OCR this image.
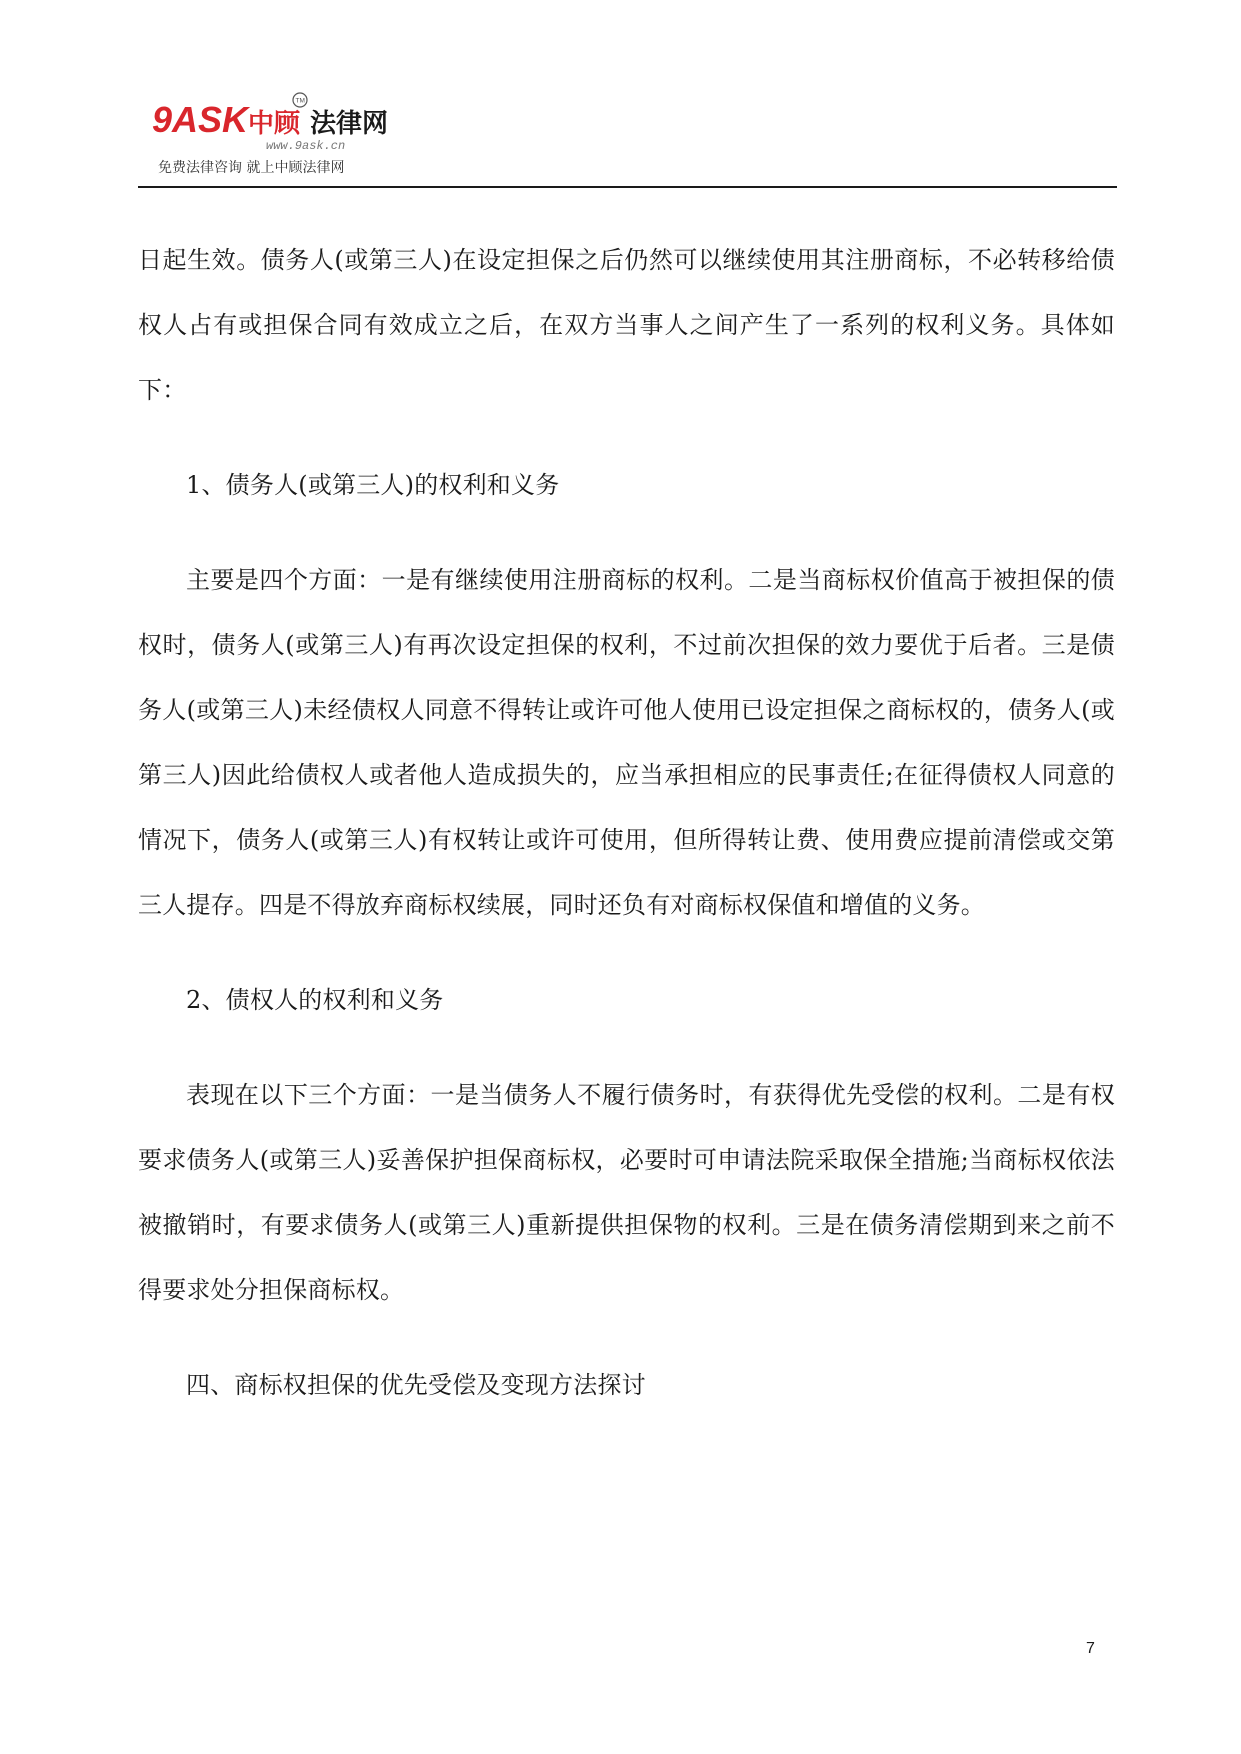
9ASK 中顾 法律网
TM
www.9ask.cn
免费法律咨询 就上中顾法律网

日起生效。债务人(或第三人)在设定担保之后仍然可以继续使用其注册商标，不必转移给债权人占有或担保合同有效成立之后，在双方当事人之间产生了一系列的权利义务。具体如下：

1、债务人(或第三人)的权利和义务

主要是四个方面：一是有继续使用注册商标的权利。二是当商标权价值高于被担保的债权时，债务人(或第三人)有再次设定担保的权利，不过前次担保的效力要优于后者。三是债务人(或第三人)未经债权人同意不得转让或许可他人使用已设定担保之商标权的，债务人(或第三人)因此给债权人或者他人造成损失的，应当承担相应的民事责任;在征得债权人同意的情况下，债务人(或第三人)有权转让或许可使用，但所得转让费、使用费应提前清偿或交第三人提存。四是不得放弃商标权续展，同时还负有对商标权保值和增值的义务。

2、债权人的权利和义务

表现在以下三个方面：一是当债务人不履行债务时，有获得优先受偿的权利。二是有权要求债务人(或第三人)妥善保护担保商标权，必要时可申请法院采取保全措施;当商标权依法被撤销时，有要求债务人(或第三人)重新提供担保物的权利。三是在债务清偿期到来之前不得要求处分担保商标权。

四、商标权担保的优先受偿及变现方法探讨

7
